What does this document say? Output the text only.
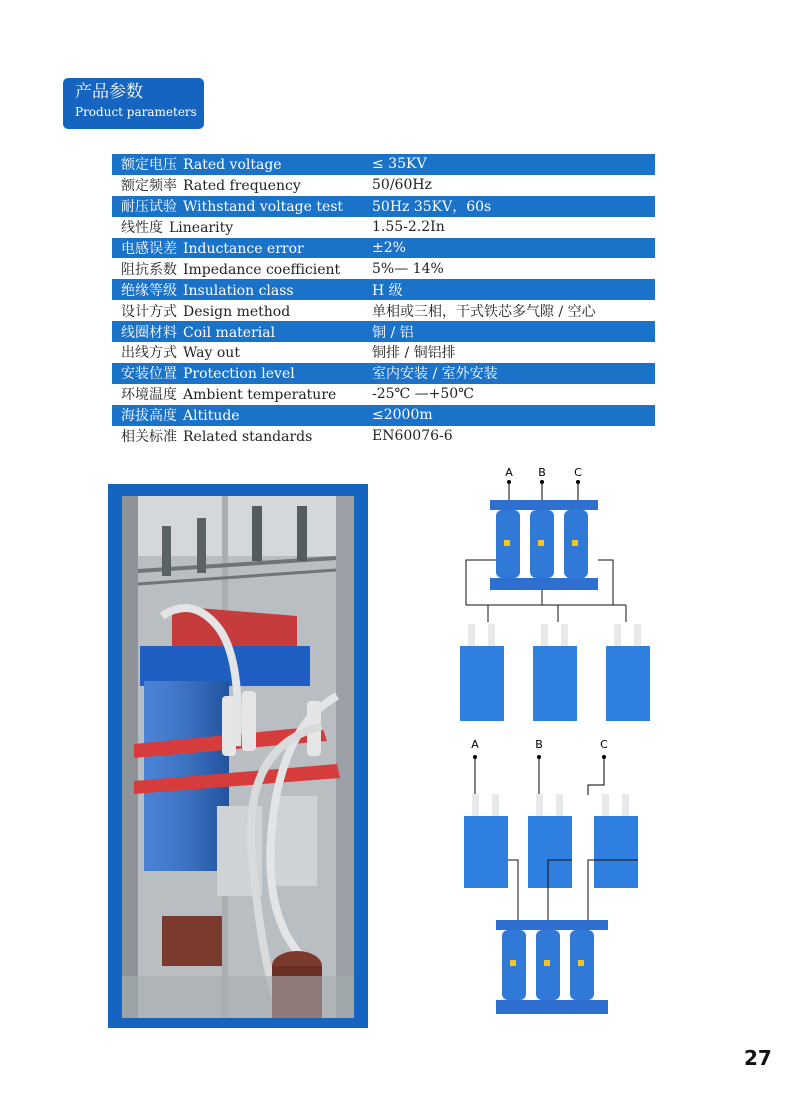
产品参数
Product parameters
额定电压 Rated voltage	≤ 35KV
额定频率 Rated frequency	50/60Hz
耐压试验 Withstand voltage test	50Hz 35KV，60s
线性度 Linearity	1.55-2.2In
电感误差 Inductance error	±2%
阻抗系数 Impedance coefficient	5%— 14%
绝缘等级 Insulation class	H 级
设计方式 Design method	单相或三相，干式铁芯多气隙 / 空心
线圈材料 Coil material	铜 / 铝
出线方式 Way out	铜排 / 铜铝排
安装位置 Protection level	室内安装 / 室外安装
环境温度 Ambient temperature	-25℃ —+50℃
海拔高度 Altitude	≤2000m
相关标准 Related standards	EN60076-6
A B	C
A	B	C
27
